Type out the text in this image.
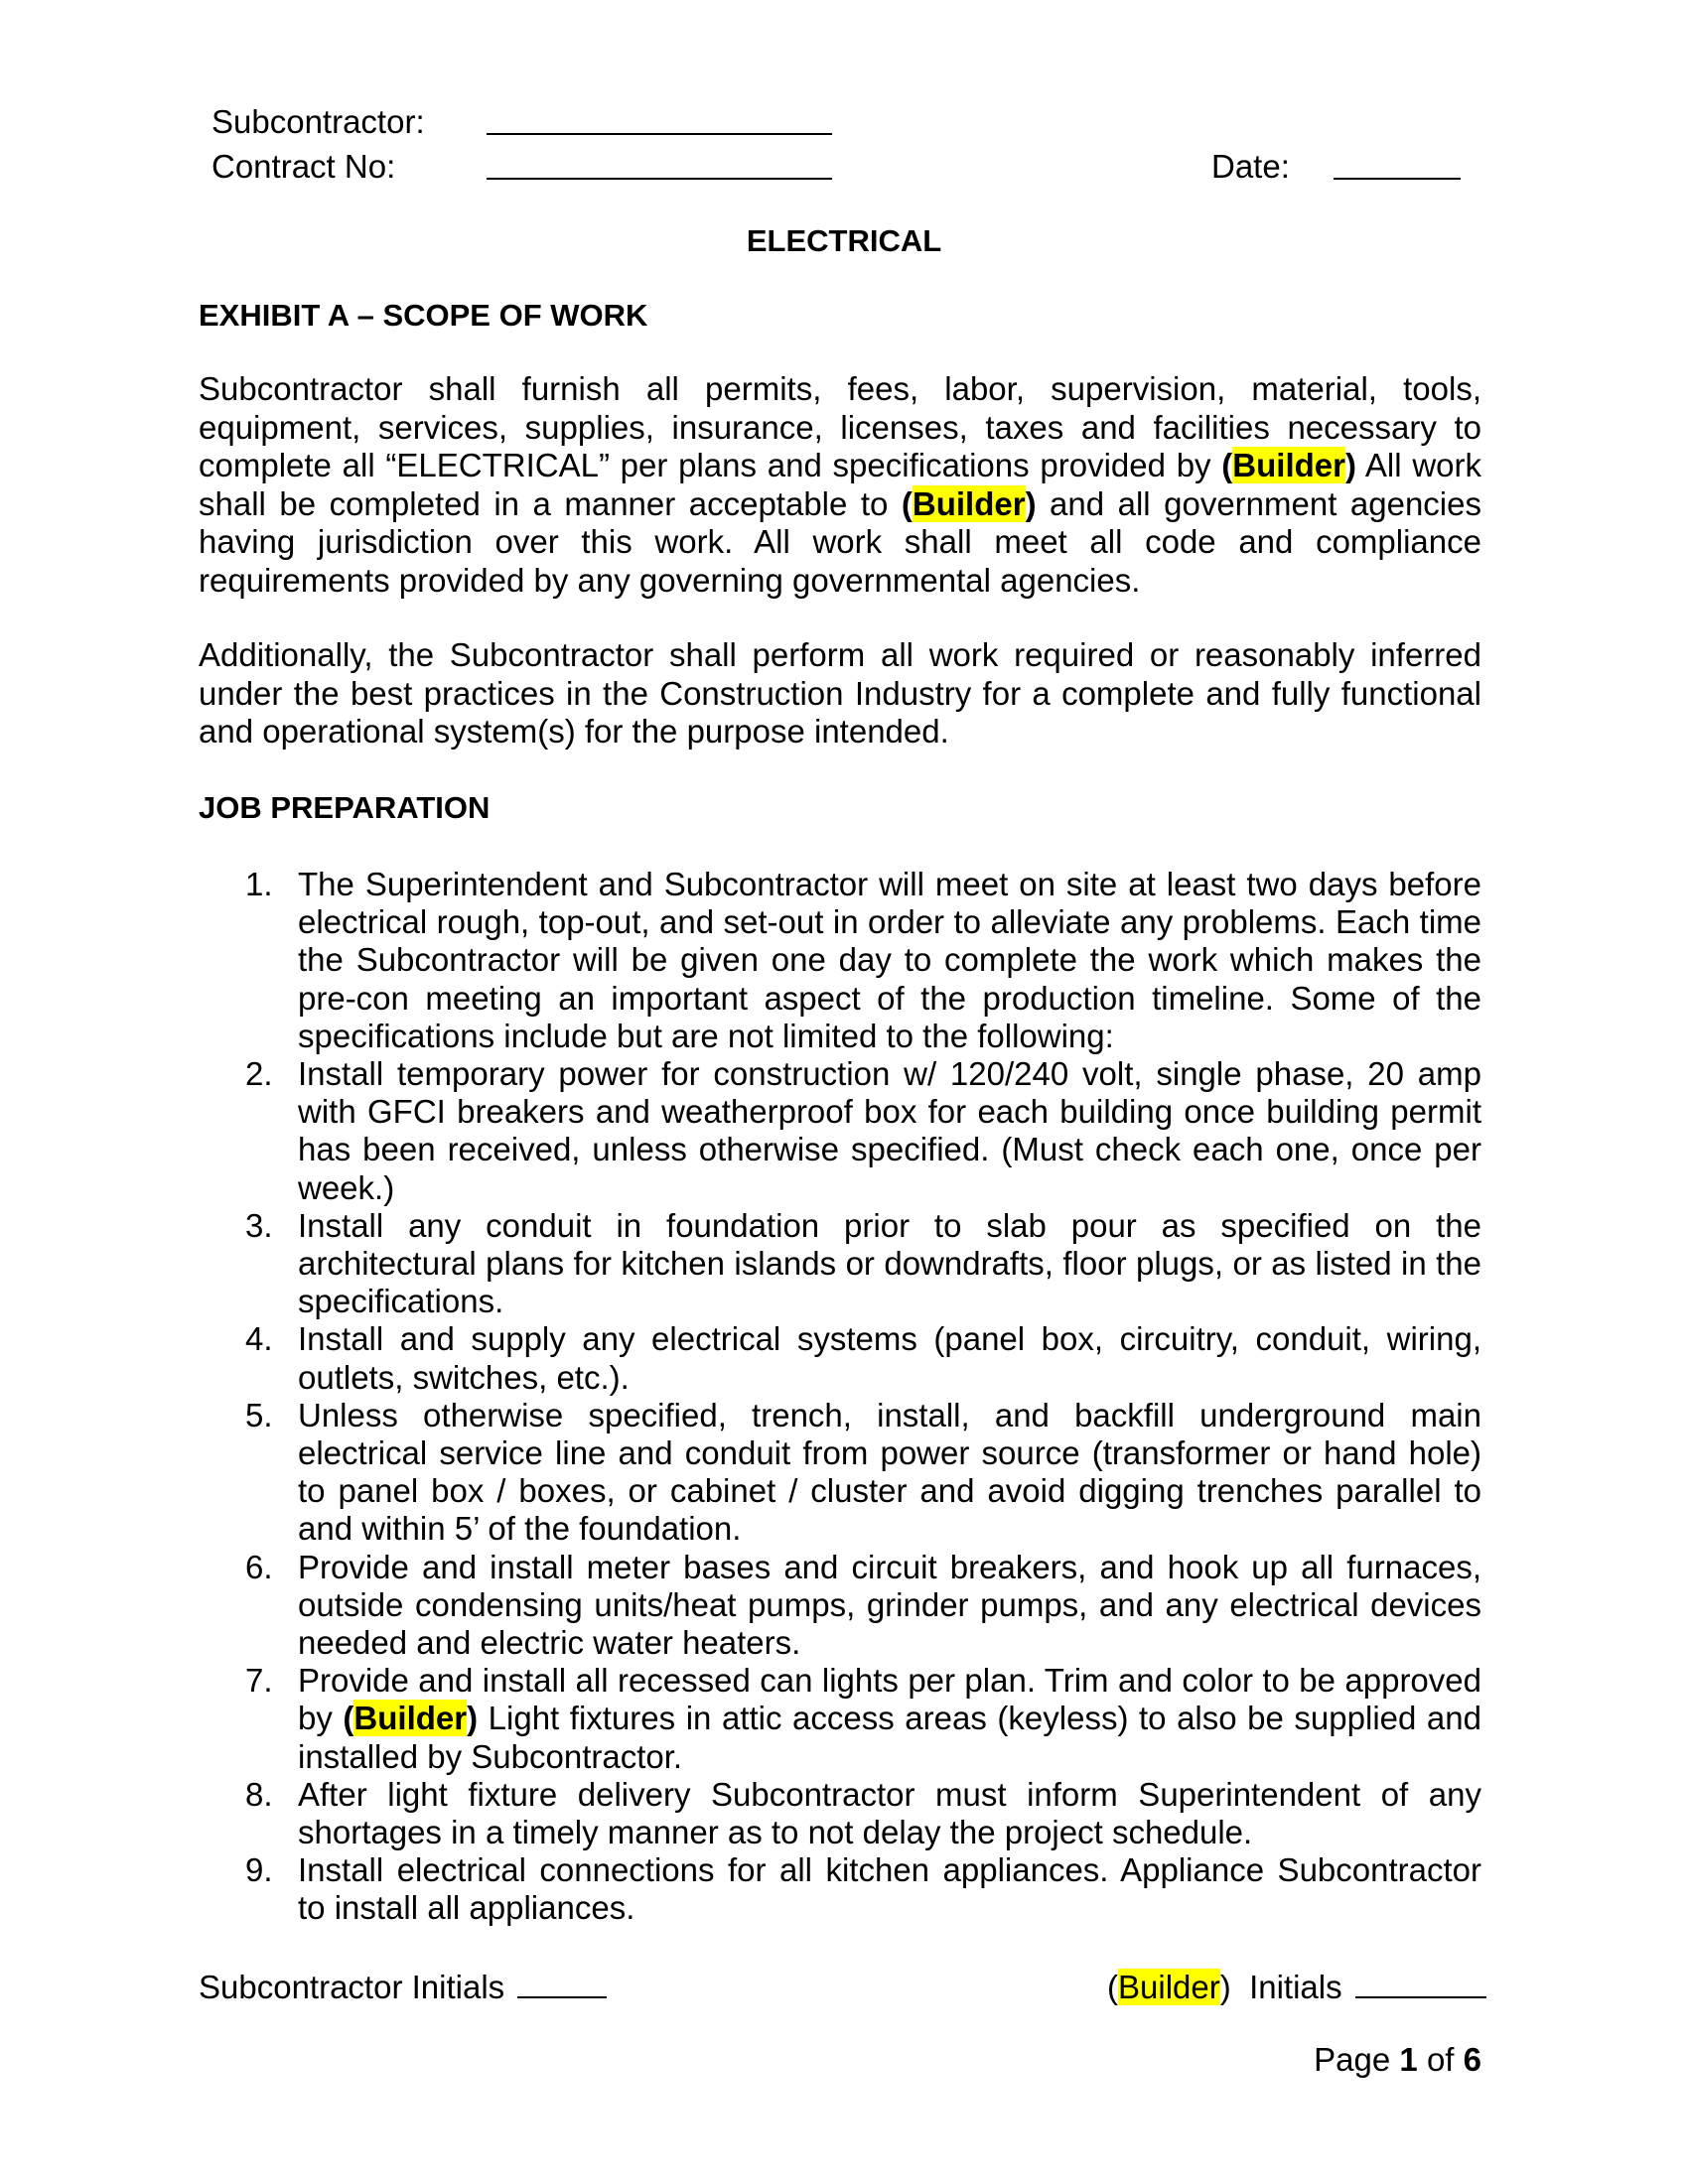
Subcontractor:
Contract No:	Date:
ELECTRICAL
EXHIBIT A – SCOPE OF WORK
Subcontractor shall furnish all permits, fees, labor, supervision, material, tools, equipment, services, supplies, insurance, licenses, taxes and facilities necessary to complete all “ELECTRICAL” per plans and specifications provided by (Builder) All work shall be completed in a manner acceptable to (Builder) and all government agencies having jurisdiction over this work. All work shall meet all code and compliance requirements provided by any governing governmental agencies.
Additionally, the Subcontractor shall perform all work required or reasonably inferred under the best practices in the Construction Industry for a complete and fully functional and operational system(s) for the purpose intended.
JOB PREPARATION
1. The Superintendent and Subcontractor will meet on site at least two days before electrical rough, top-out, and set-out in order to alleviate any problems. Each time the Subcontractor will be given one day to complete the work which makes the pre-con meeting an important aspect of the production timeline. Some of the specifications include but are not limited to the following:
2. Install temporary power for construction w/ 120/240 volt, single phase, 20 amp with GFCI breakers and weatherproof box for each building once building permit has been received, unless otherwise specified. (Must check each one, once per week.)
3. Install any conduit in foundation prior to slab pour as specified on the architectural plans for kitchen islands or downdrafts, floor plugs, or as listed in the specifications.
4. Install and supply any electrical systems (panel box, circuitry, conduit, wiring, outlets, switches, etc.).
5. Unless otherwise specified, trench, install, and backfill underground main electrical service line and conduit from power source (transformer or hand hole) to panel box / boxes, or cabinet / cluster and avoid digging trenches parallel to and within 5’ of the foundation.
6. Provide and install meter bases and circuit breakers, and hook up all furnaces, outside condensing units/heat pumps, grinder pumps, and any electrical devices needed and electric water heaters.
7. Provide and install all recessed can lights per plan. Trim and color to be approved by (Builder) Light fixtures in attic access areas (keyless) to also be supplied and installed by Subcontractor.
8. After light fixture delivery Subcontractor must inform Superintendent of any shortages in a timely manner as to not delay the project schedule.
9. Install electrical connections for all kitchen appliances. Appliance Subcontractor to install all appliances.
Subcontractor Initials	(Builder) Initials
Page 1 of 6
